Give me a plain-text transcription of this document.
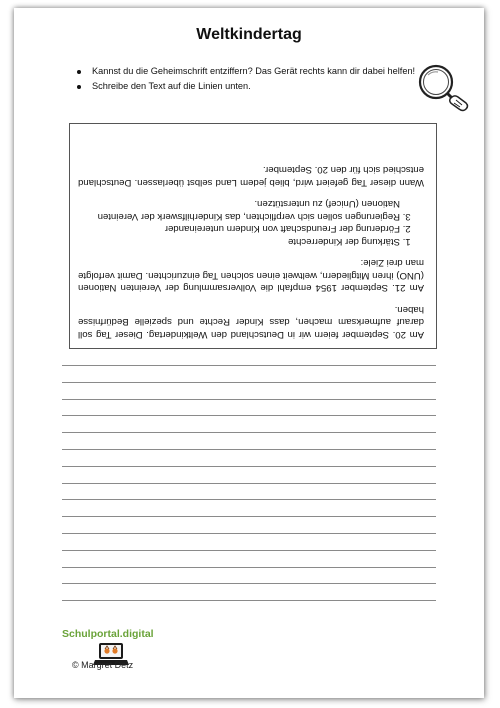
Weltkindertag
Kannst du die Geheimschrift entziffern? Das Gerät rechts kann dir dabei helfen!
Schreibe den Text auf die Linien unten.

Am 20. September feiern wir in Deutschland den Weltkindertag. Dieser Tag soll darauf aufmerksam machen, dass Kinder Rechte und spezielle Bedürfnisse haben.

Am 21. September 1954 empfahl die Vollversammlung der Vereinten Nationen (UNO) ihren Mitgliedern, weltweit einen solchen Tag einzurichten. Damit verfolgte man drei Ziele:

1. Stärkung der Kinderrechte
2. Förderung der Freundschaft von Kindern untereinander
3. Regierungen sollen sich verpflichten, das Kinderhilfswerk der Vereinten Nationen (Unicef) zu unterstützen.

Wann dieser Tag gefeiert wird, blieb jedem Land selbst überlassen. Deutschland entschied sich für den 20. September.

Schulportal.digital
© Margret Detz
